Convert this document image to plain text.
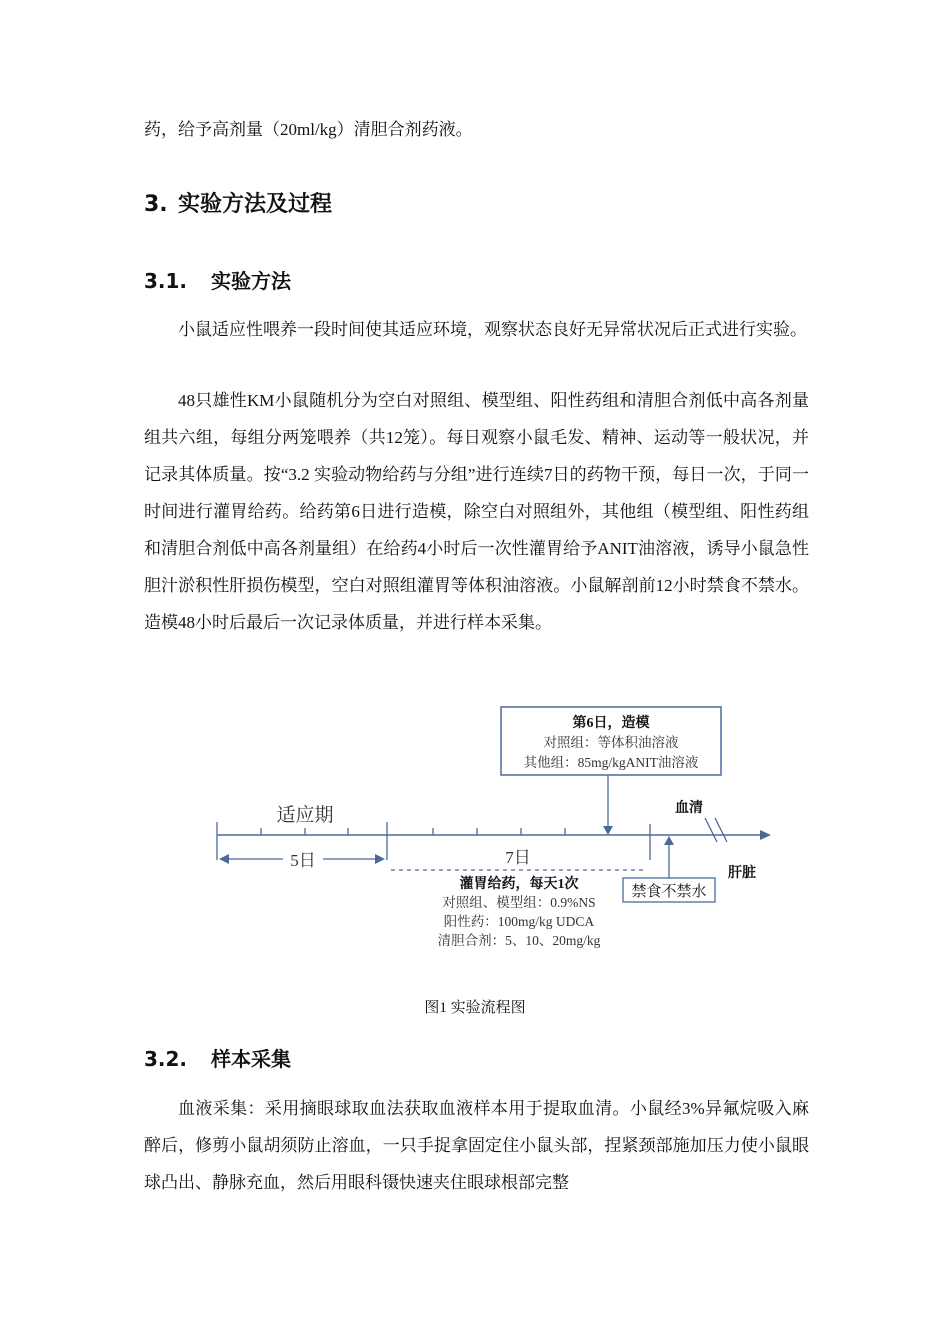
药，给予高剂量（20ml/kg）清胆合剂药液。

3. 实验方法及过程
3.1. 实验方法

小鼠适应性喂养一段时间使其适应环境，观察状态良好无异常状况后正式进行实验。

48只雄性KM小鼠随机分为空白对照组、模型组、阳性药组和清胆合剂低中高各剂量组共六组，每组分两笼喂养（共12笼）。每日观察小鼠毛发、精神、运动等一般状况，并记录其体质量。按“3.2 实验动物给药与分组”进行连续7日的药物干预，每日一次，于同一时间进行灌胃给药。给药第6日进行造模，除空白对照组外，其他组（模型组、阳性药组和清胆合剂低中高各剂量组）在给药4小时后一次性灌胃给予ANIT油溶液，诱导小鼠急性胆汁淤积性肝损伤模型，空白对照组灌胃等体积油溶液。小鼠解剖前12小时禁食不禁水。造模48小时后最后一次记录体质量，并进行样本采集。

第6日，造模
对照组：等体积油溶液
其他组：85mg/kgANIT油溶液
适应期
5日	7日
血清
肝脏
禁食不禁水
灌胃给药，每天1次
对照组、模型组：0.9%NS
阳性药：100mg/kg UDCA
清胆合剂：5、10、20mg/kg
图1 实验流程图
3.2. 样本采集

血液采集：采用摘眼球取血法获取血液样本用于提取血清。小鼠经3%异氟烷吸入麻醉后，修剪小鼠胡须防止溶血，一只手捉拿固定住小鼠头部，捏紧颈部施加压力使小鼠眼球凸出、静脉充血，然后用眼科镊快速夹住眼球根部完整
